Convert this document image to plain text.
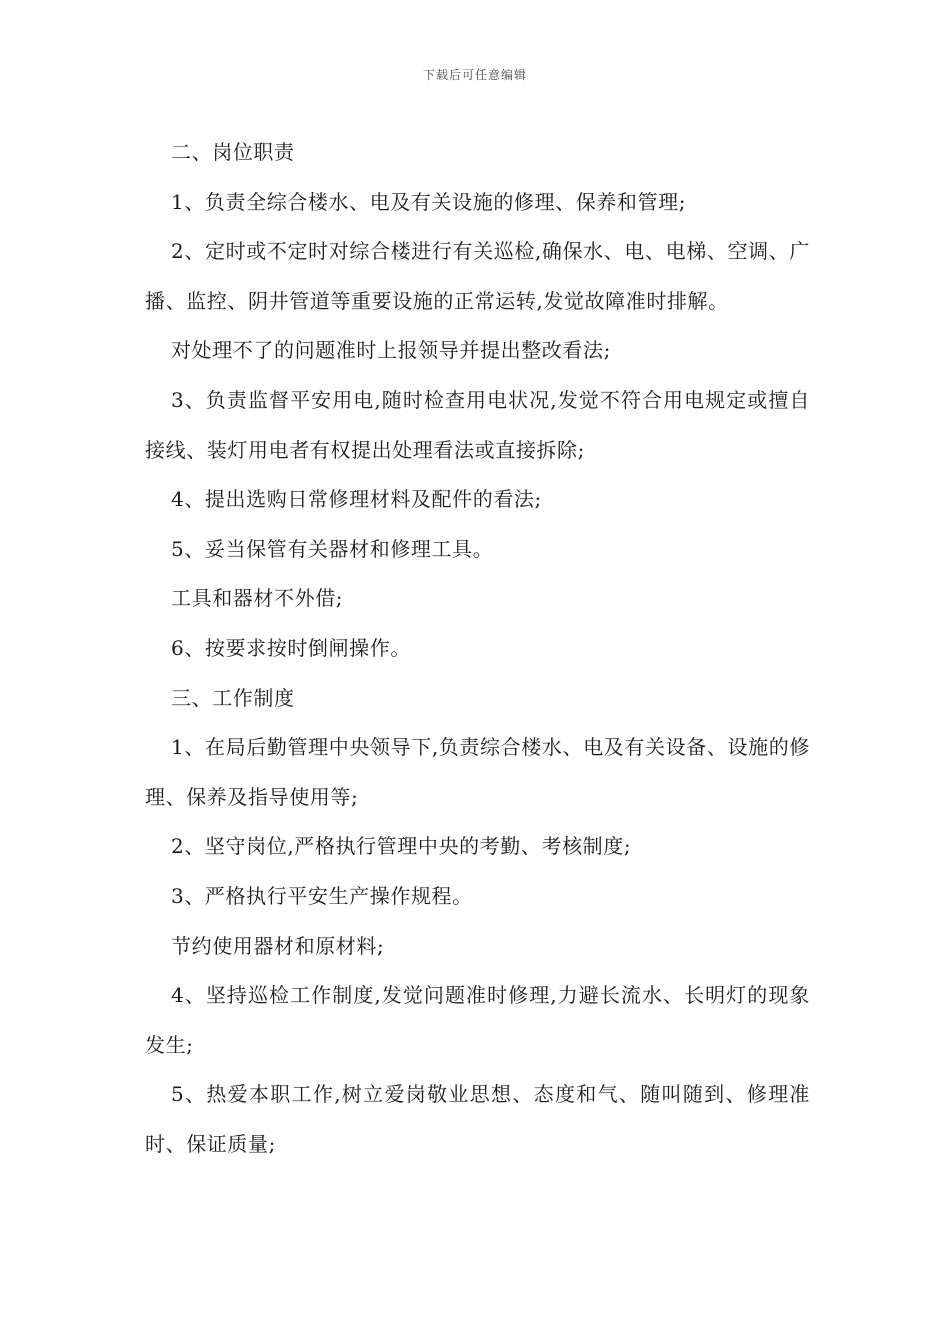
下载后可任意编辑

二、岗位职责

1、负责全综合楼水、电及有关设施的修理、保养和管理;

2、定时或不定时对综合楼进行有关巡检,确保水、电、电梯、空调、广播、监控、阴井管道等重要设施的正常运转,发觉故障准时排解。

对处理不了的问题准时上报领导并提出整改看法;

3、负责监督平安用电,随时检查用电状况,发觉不符合用电规定或擅自接线、装灯用电者有权提出处理看法或直接拆除;

4、提出选购日常修理材料及配件的看法;

5、妥当保管有关器材和修理工具。

工具和器材不外借;

6、按要求按时倒闸操作。

三、工作制度

1、在局后勤管理中央领导下,负责综合楼水、电及有关设备、设施的修理、保养及指导使用等;

2、坚守岗位,严格执行管理中央的考勤、考核制度;

3、严格执行平安生产操作规程。

节约使用器材和原材料;

4、坚持巡检工作制度,发觉问题准时修理,力避长流水、长明灯的现象发生;

5、热爱本职工作,树立爱岗敬业思想、态度和气、随叫随到、修理准时、保证质量;
